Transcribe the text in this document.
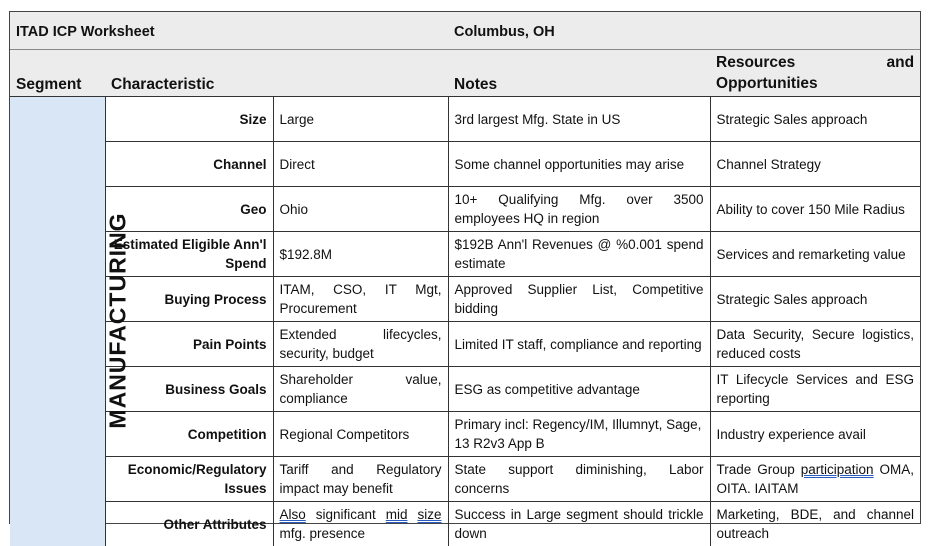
ITAD ICP Worksheet			Columbus, OH	
Segment	Characteristic		Notes	Resources and
Opportunities

MANUFACTURING	Size	Large	3rd largest Mfg. State in US	Strategic Sales approach
	Channel	Direct	Some channel opportunities may arise	Channel Strategy
	Geo	Ohio	10+ Qualifying Mfg. over 3500 employees HQ in region	Ability to cover 150 Mile Radius
	Estimated Eligible Ann'l Spend	$192.8M	$192B Ann'l Revenues @ %0.001 spend estimate	Services and remarketing value
	Buying Process	ITAM, CSO, IT Mgt, Procurement	Approved Supplier List, Competitive bidding	Strategic Sales approach
	Pain Points	Extended lifecycles, security, budget	Limited IT staff, compliance and reporting	Data Security, Secure logistics, reduced costs
	Business Goals	Shareholder value, compliance	ESG as competitive advantage	IT Lifecycle Services and ESG reporting
	Competition	Regional Competitors	Primary incl: Regency/IM, Illumnyt, Sage, 13 R2v3 App B	Industry experience avail
	Economic/Regulatory Issues	Tariff and Regulatory impact may benefit	State support diminishing, Labor concerns	Trade Group participation OMA, OITA. IAITAM
	Other Attributes	Also significant mid size mfg. presence	Success in Large segment should trickle down	Marketing, BDE, and channel outreach
